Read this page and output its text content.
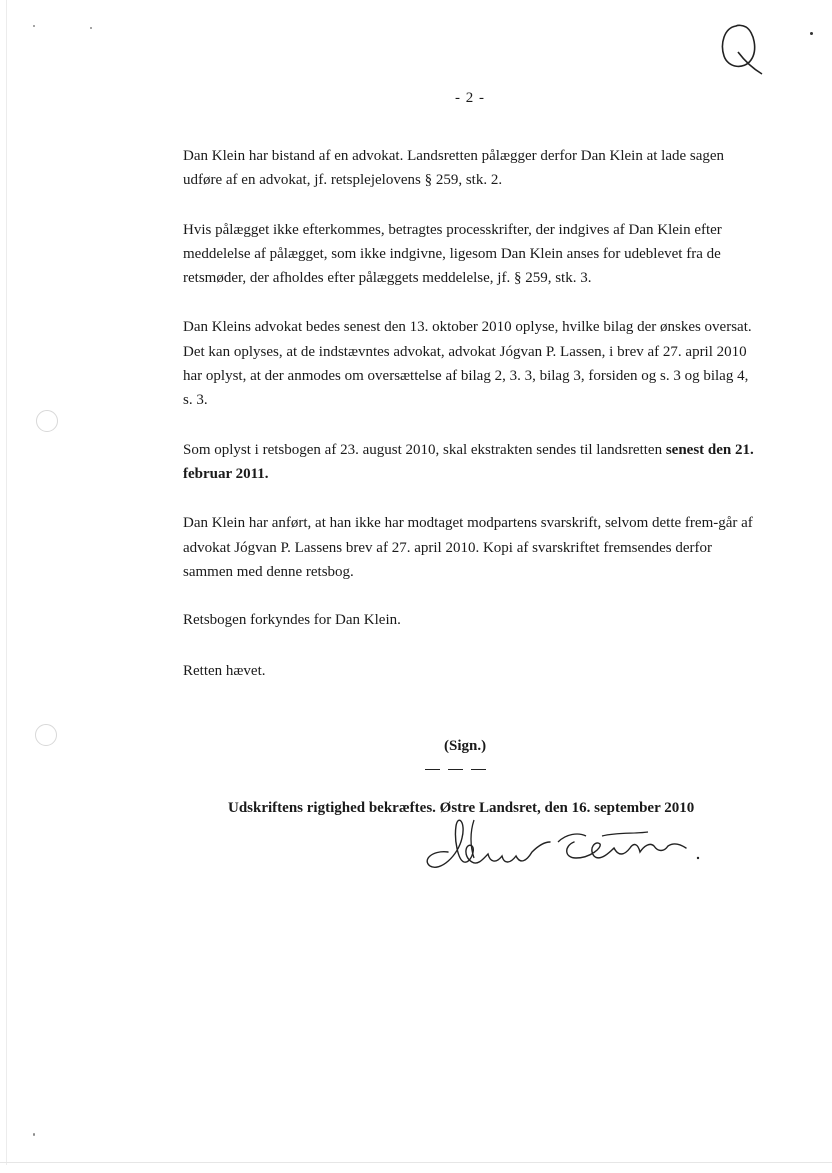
- 2 -

Dan Klein har bistand af en advokat. Landsretten pålægger derfor Dan Klein at lade sagen udføre af en advokat, jf. retsplejelovens § 259, stk. 2.

Hvis pålægget ikke efterkommes, betragtes processkrifter, der indgives af Dan Klein efter meddelelse af pålægget, som ikke indgivne, ligesom Dan Klein anses for udeblevet fra de retsmøder, der afholdes efter pålæggets meddelelse, jf. § 259, stk. 3.

Dan Kleins advokat bedes senest den 13. oktober 2010 oplyse, hvilke bilag der ønskes oversat. Det kan oplyses, at de indstævntes advokat, advokat Jógvan P. Lassen, i brev af 27. april 2010 har oplyst, at der anmodes om oversættelse af bilag 2, 3. 3, bilag 3, forsiden og s. 3 og bilag 4, s. 3.

Som oplyst i retsbogen af 23. august 2010, skal ekstrakten sendes til landsretten senest den 21. februar 2011.

Dan Klein har anført, at han ikke har modtaget modpartens svarskrift, selvom dette frem-går af advokat Jógvan P. Lassens brev af 27. april 2010. Kopi af svarskriftet fremsendes derfor sammen med denne retsbog.

Retsbogen forkyndes for Dan Klein.

Retten hævet.

(Sign.)
Udskriftens rigtighed bekræftes. Østre Landsret, den 16. september 2010
